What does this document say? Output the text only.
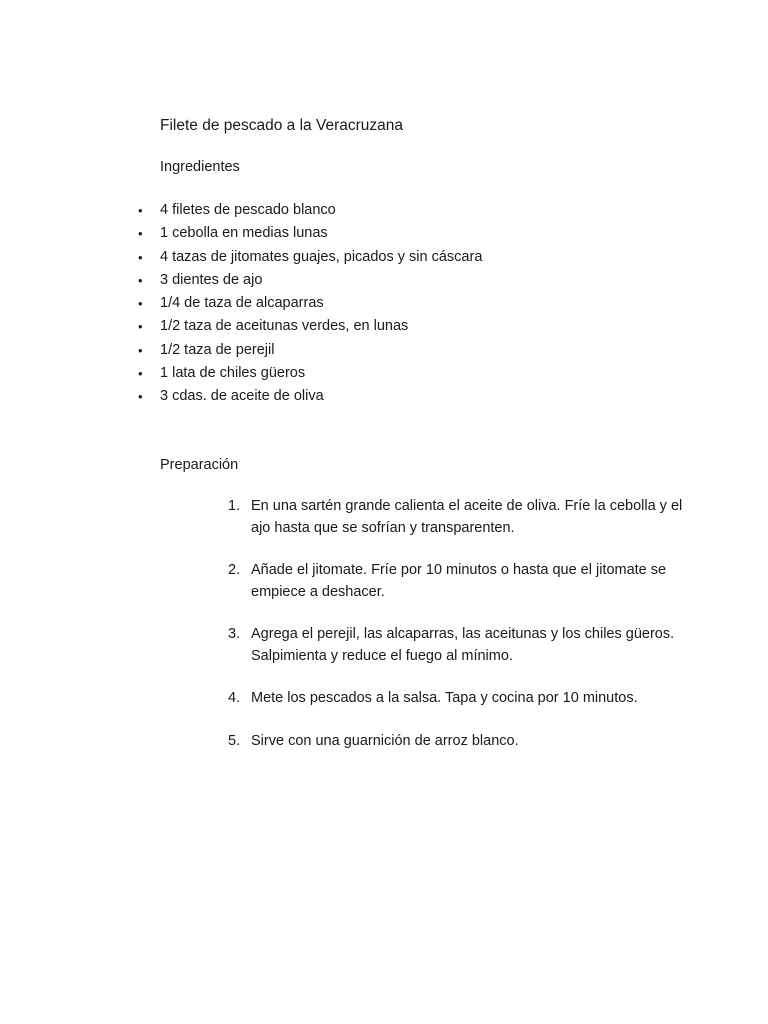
Filete de pescado a la Veracruzana
Ingredientes
• 4 filetes de pescado blanco
• 1 cebolla en medias lunas
• 4 tazas de jitomates guajes, picados y sin cáscara
• 3 dientes de ajo
• 1/4 de taza de alcaparras
• 1/2 taza de aceitunas verdes, en lunas
• 1/2 taza de perejil
• 1 lata de chiles güeros
• 3 cdas. de aceite de oliva
Preparación
1. En una sartén grande calienta el aceite de oliva. Fríe la cebolla y el ajo hasta que se sofrían y transparenten.
2. Añade el jitomate. Fríe por 10 minutos o hasta que el jitomate se empiece a deshacer.
3. Agrega el perejil, las alcaparras, las aceitunas y los chiles güeros. Salpimienta y reduce el fuego al mínimo.
4. Mete los pescados a la salsa. Tapa y cocina por 10 minutos.
5. Sirve con una guarnición de arroz blanco.
